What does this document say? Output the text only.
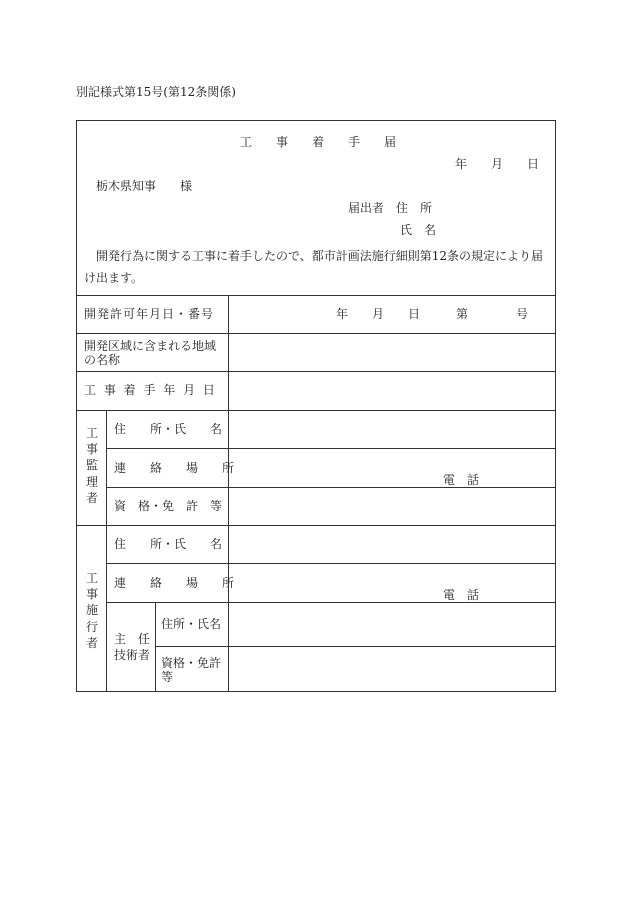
別記様式第15号(第12条関係)
工　　事　　着　　手　　届
年　　月　　日
栃木県知事　　様
届出者　住　所
氏　名
開発行為に関する工事に着手したので、都市計画法施行細則第12条の規定により届け出ます。
開発許可年月日・番号	年　　月　　日　　　第　　　　号
開発区域に含まれる地域の名称
工 事 着 手 年 月 日
工事監理者
住　　所・氏　　名
連　　絡　　場　　所
電　話
資　格・免　許　等
工事施行者
住　　所・氏　　名
連　　絡　　場　　所
電　話
主　任技術者
住所・氏名
資格・免許等
